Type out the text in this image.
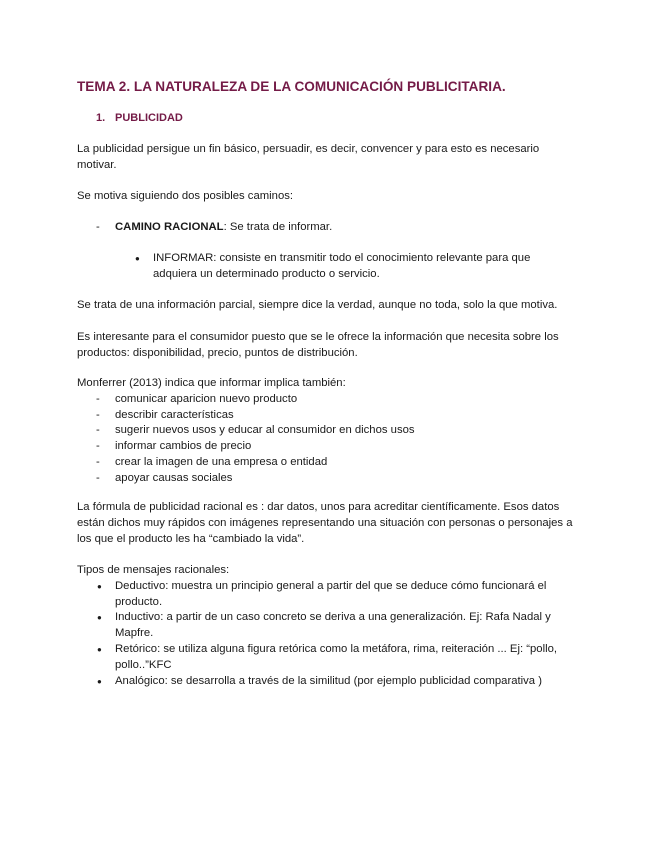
TEMA 2. LA NATURALEZA DE LA COMUNICACIÓN PUBLICITARIA.
1. PUBLICIDAD

La publicidad persigue un fin básico, persuadir, es decir, convencer y para esto es necesario motivar.

Se motiva siguiendo dos posibles caminos:

- CAMINO RACIONAL: Se trata de informar.
● INFORMAR: consiste en transmitir todo el conocimiento relevante para que adquiera un determinado producto o servicio.

Se trata de una información parcial, siempre dice la verdad, aunque no toda, solo la que motiva.

Es interesante para el consumidor puesto que se le ofrece la información que necesita sobre los productos: disponibilidad, precio, puntos de distribución.

Monferrer (2013) indica que informar implica también:

- comunicar aparicion nuevo producto
- describir características
- sugerir nuevos usos y educar al consumidor en dichos usos
- informar cambios de precio
- crear la imagen de una empresa o entidad
- apoyar causas sociales

La fórmula de publicidad racional es : dar datos, unos para acreditar científicamente. Esos datos están dichos muy rápidos con imágenes representando una situación con personas o personajes a los que el producto les ha “cambiado la vida”.

Tipos de mensajes racionales:

● Deductivo: muestra un principio general a partir del que se deduce cómo funcionará el producto.
● Inductivo: a partir de un caso concreto se deriva a una generalización. Ej: Rafa Nadal y Mapfre.
● Retórico: se utiliza alguna figura retórica como la metáfora, rima, reiteración ... Ej: “pollo, pollo..”KFC
● Analógico: se desarrolla a través de la similitud (por ejemplo publicidad comparativa )
